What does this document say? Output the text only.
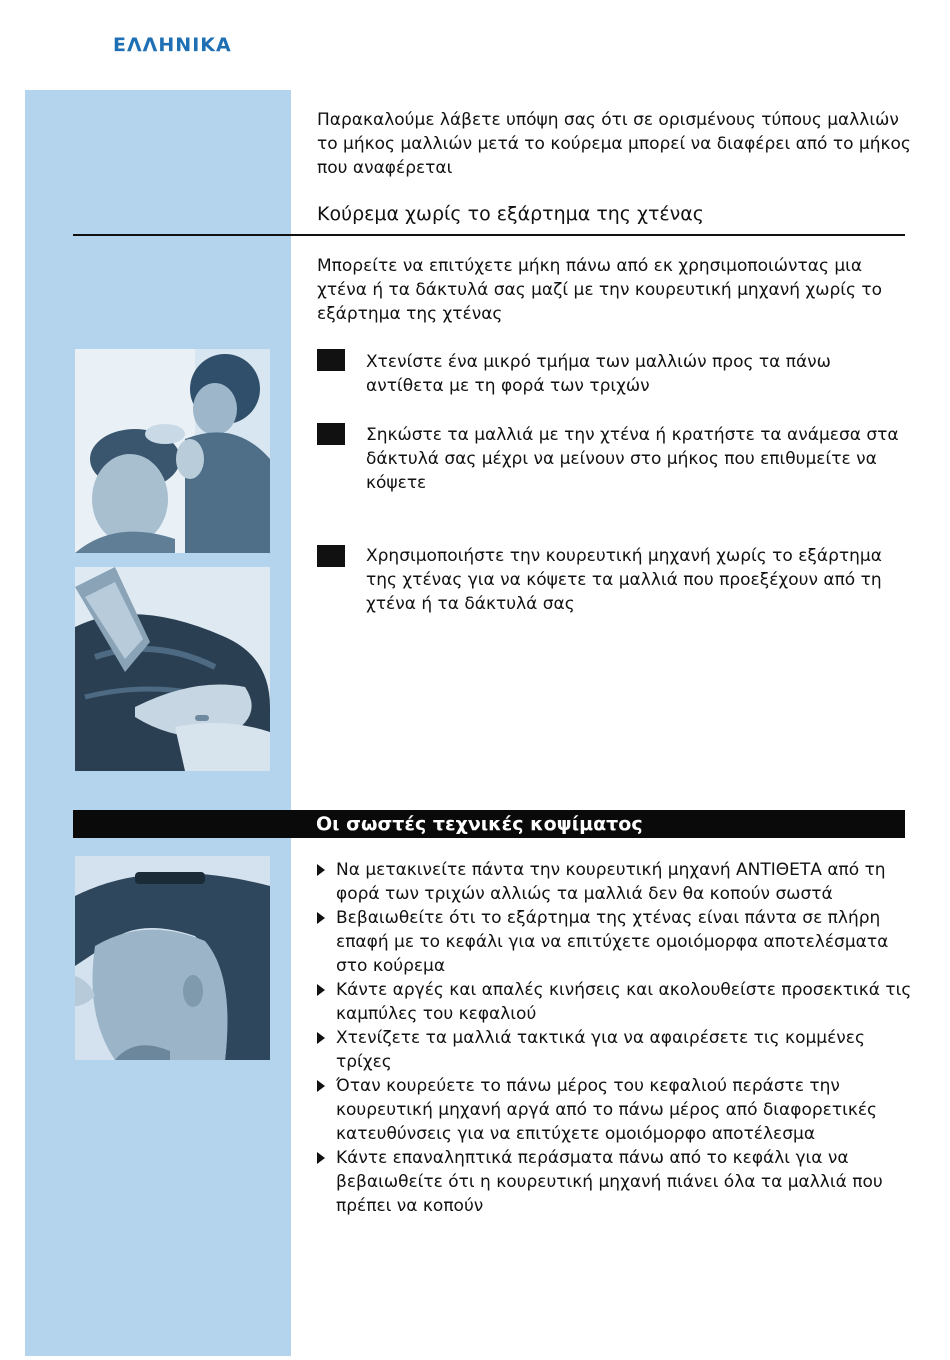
ΕΛΛΗΝΙΚΑ

Παρακαλούμε λάβετε υπόψη σας ότι σε ορισμένους τύπους μαλλιών το μήκος μαλλιών μετά το κούρεμα μπορεί να διαφέρει από το μήκος που αναφέρεται

Κούρεμα χωρίς το εξάρτημα της χτένας

Μπορείτε να επιτύχετε μήκη πάνω από εκ χρησιμοποιώντας μια χτένα ή τα δάκτυλά σας μαζί με την κουρευτική μηχανή χωρίς το εξάρτημα της χτένας

Χτενίστε ένα μικρό τμήμα των μαλλιών προς τα πάνω αντίθετα με τη φορά των τριχών
Σηκώστε τα μαλλιά με την χτένα ή κρατήστε τα ανάμεσα στα δάκτυλά σας μέχρι να μείνουν στο μήκος που επιθυμείτε να κόψετε
Χρησιμοποιήστε την κουρευτική μηχανή χωρίς το εξάρτημα της χτένας για να κόψετε τα μαλλιά που προεξέχουν από τη χτένα ή τα δάκτυλά σας
Οι σωστές τεχνικές κοψίματος
Να μετακινείτε πάντα την κουρευτική μηχανή ΑΝΤΙΘΕΤΑ από τη φορά των τριχών αλλιώς τα μαλλιά δεν θα κοπούν σωστά
Βεβαιωθείτε ότι το εξάρτημα της χτένας είναι πάντα σε πλήρη επαφή με το κεφάλι για να επιτύχετε ομοιόμορφα αποτελέσματα στο κούρεμα
Κάντε αργές και απαλές κινήσεις και ακολουθείστε προσεκτικά τις καμπύλες του κεφαλιού
Χτενίζετε τα μαλλιά τακτικά για να αφαιρέσετε τις κομμένες τρίχες
Όταν κουρεύετε το πάνω μέρος του κεφαλιού περάστε την κουρευτική μηχανή αργά από το πάνω μέρος από διαφορετικές κατευθύνσεις για να επιτύχετε ομοιόμορφο αποτέλεσμα
Κάντε επαναληπτικά περάσματα πάνω από το κεφάλι για να βεβαιωθείτε ότι η κουρευτική μηχανή πιάνει όλα τα μαλλιά που πρέπει να κοπούν
